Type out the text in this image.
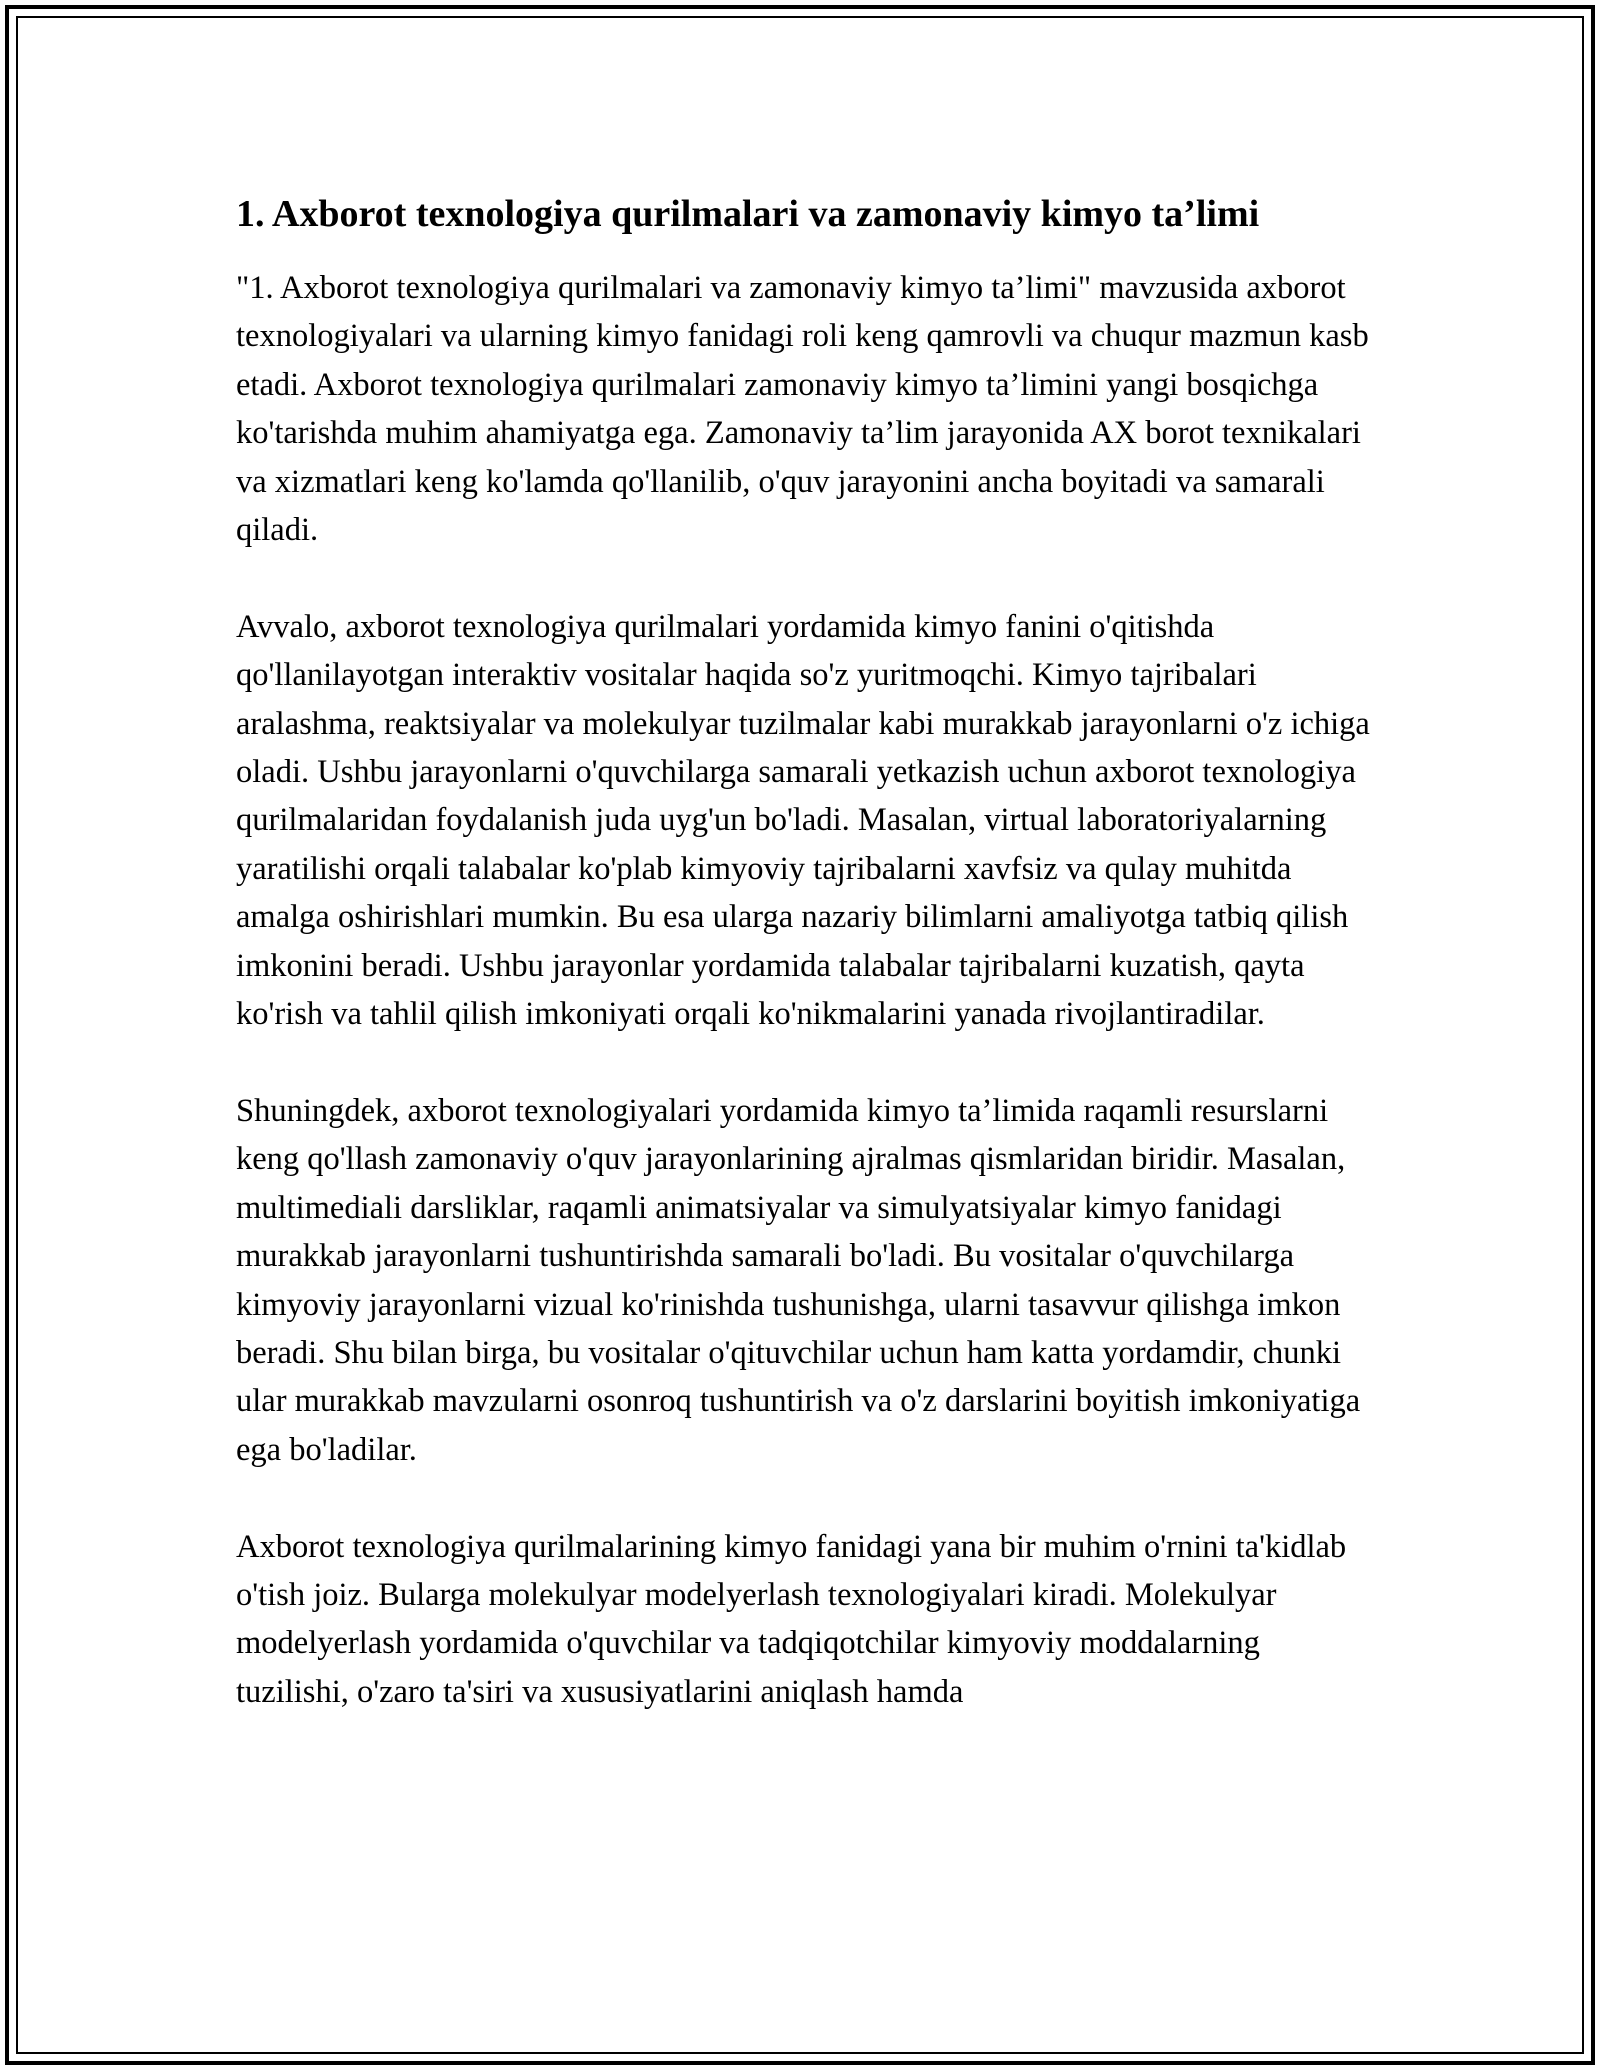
1. Axborot texnologiya qurilmalari va zamonaviy kimyo ta’limi

"1. Axborot texnologiya qurilmalari va zamonaviy kimyo ta’limi" mavzusida axborot texnologiyalari va ularning kimyo fanidagi roli keng qamrovli va chuqur mazmun kasb etadi. Axborot texnologiya qurilmalari zamonaviy kimyo ta’limini yangi bosqichga ko'tarishda muhim ahamiyatga ega. Zamonaviy ta’lim jarayonida AX borot texnikalari va xizmatlari keng ko'lamda qo'llanilib, o'quv jarayonini ancha boyitadi va samarali qiladi.

Avvalo, axborot texnologiya qurilmalari yordamida kimyo fanini o'qitishda qo'llanilayotgan interaktiv vositalar haqida so'z yuritmoqchi. Kimyo tajribalari aralashma, reaktsiyalar va molekulyar tuzilmalar kabi murakkab jarayonlarni o'z ichiga oladi. Ushbu jarayonlarni o'quvchilarga samarali yetkazish uchun axborot texnologiya qurilmalaridan foydalanish juda uyg'un bo'ladi. Masalan, virtual laboratoriyalarning yaratilishi orqali talabalar ko'plab kimyoviy tajribalarni xavfsiz va qulay muhitda amalga oshirishlari mumkin. Bu esa ularga nazariy bilimlarni amaliyotga tatbiq qilish imkonini beradi. Ushbu jarayonlar yordamida talabalar tajribalarni kuzatish, qayta ko'rish va tahlil qilish imkoniyati orqali ko'nikmalarini yanada rivojlantiradilar.

Shuningdek, axborot texnologiyalari yordamida kimyo ta’limida raqamli resurslarni keng qo'llash zamonaviy o'quv jarayonlarining ajralmas qismlaridan biridir. Masalan, multimediali darsliklar, raqamli animatsiyalar va simulyatsiyalar kimyo fanidagi murakkab jarayonlarni tushuntirishda samarali bo'ladi. Bu vositalar o'quvchilarga kimyoviy jarayonlarni vizual ko'rinishda tushunishga, ularni tasavvur qilishga imkon beradi. Shu bilan birga, bu vositalar o'qituvchilar uchun ham katta yordamdir, chunki ular murakkab mavzularni osonroq tushuntirish va o'z darslarini boyitish imkoniyatiga ega bo'ladilar.

Axborot texnologiya qurilmalarining kimyo fanidagi yana bir muhim o'rnini ta'kidlab o'tish joiz. Bularga molekulyar modelyerlash texnologiyalari kiradi. Molekulyar modelyerlash yordamida o'quvchilar va tadqiqotchilar kimyoviy moddalarning tuzilishi, o'zaro ta'siri va xususiyatlarini aniqlash hamda
